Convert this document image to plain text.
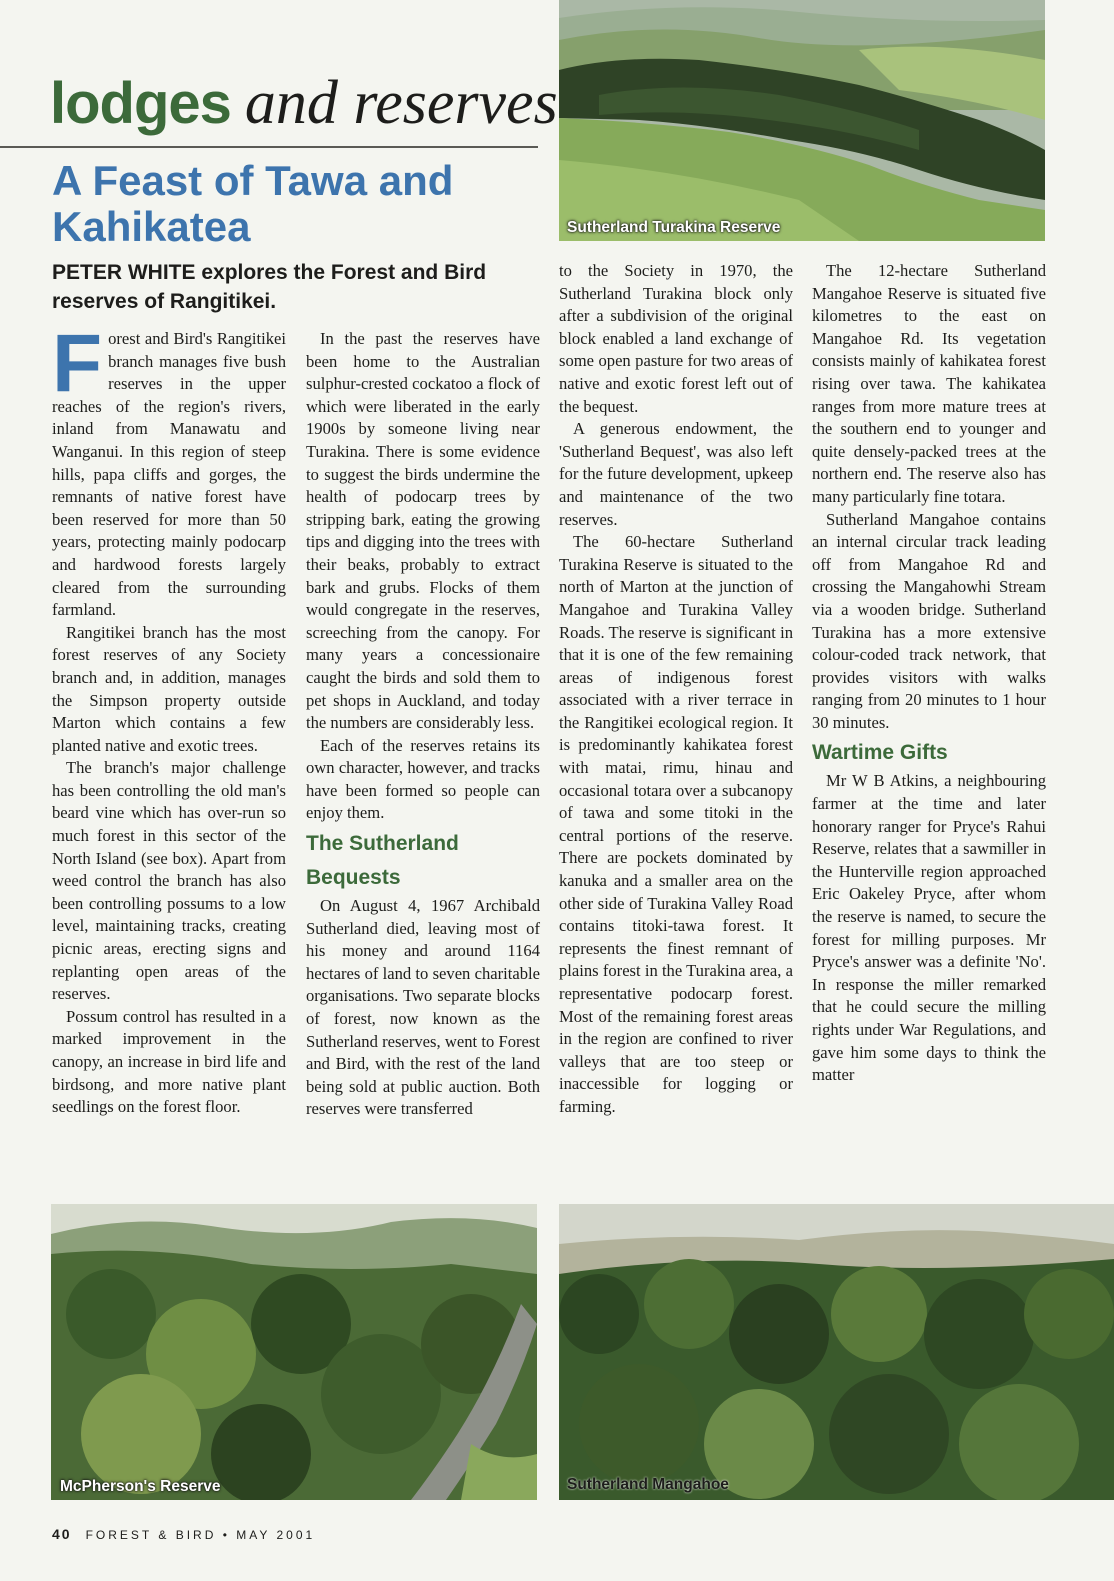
lodges and reserves
A Feast of Tawa and Kahikatea

PETER WHITE explores the Forest and Bird reserves of Rangitikei.

Sutherland Turakina Reserve

Forest and Bird's Rangitikei branch manages five bush reserves in the upper reaches of the region's rivers, inland from Manawatu and Wanganui. In this region of steep hills, papa cliffs and gorges, the remnants of native forest have been reserved for more than 50 years, protecting mainly podocarp and hardwood forests largely cleared from the surrounding farmland.

Rangitikei branch has the most forest reserves of any Society branch and, in addition, manages the Simpson property outside Marton which contains a few planted native and exotic trees.

The branch's major challenge has been controlling the old man's beard vine which has over-run so much forest in this sector of the North Island (see box). Apart from weed control the branch has also been controlling possums to a low level, maintaining tracks, creating picnic areas, erecting signs and replanting open areas of the reserves.

Possum control has resulted in a marked improvement in the canopy, an increase in bird life and birdsong, and more native plant seedlings on the forest floor.

In the past the reserves have been home to the Australian sulphur-crested cockatoo a flock of which were liberated in the early 1900s by someone living near Turakina. There is some evidence to suggest the birds undermine the health of podocarp trees by stripping bark, eating the growing tips and digging into the trees with their beaks, probably to extract bark and grubs. Flocks of them would congregate in the reserves, screeching from the canopy. For many years a concessionaire caught the birds and sold them to pet shops in Auckland, and today the numbers are considerably less.

Each of the reserves retains its own character, however, and tracks have been formed so people can enjoy them.

The Sutherland Bequests

On August 4, 1967 Archibald Sutherland died, leaving most of his money and around 1164 hectares of land to seven charitable organisations. Two separate blocks of forest, now known as the Sutherland reserves, went to Forest and Bird, with the rest of the land being sold at public auction. Both reserves were transferred

to the Society in 1970, the Sutherland Turakina block only after a subdivision of the original block enabled a land exchange of some open pasture for two areas of native and exotic forest left out of the bequest.

A generous endowment, the 'Sutherland Bequest', was also left for the future development, upkeep and maintenance of the two reserves.

The 60-hectare Sutherland Turakina Reserve is situated to the north of Marton at the junction of Mangahoe and Turakina Valley Roads. The reserve is significant in that it is one of the few remaining areas of indigenous forest associated with a river terrace in the Rangitikei ecological region. It is predominantly kahikatea forest with matai, rimu, hinau and occasional totara over a subcanopy of tawa and some titoki in the central portions of the reserve. There are pockets dominated by kanuka and a smaller area on the other side of Turakina Valley Road contains titoki-tawa forest. It represents the finest remnant of plains forest in the Turakina area, a representative podocarp forest. Most of the remaining forest areas in the region are confined to river valleys that are too steep or inaccessible for logging or farming.

The 12-hectare Sutherland Mangahoe Reserve is situated five kilometres to the east on Mangahoe Rd. Its vegetation consists mainly of kahikatea forest rising over tawa. The kahikatea ranges from more mature trees at the southern end to younger and quite densely-packed trees at the northern end. The reserve also has many particularly fine totara.

Sutherland Mangahoe contains an internal circular track leading off from Mangahoe Rd and crossing the Mangahowhi Stream via a wooden bridge. Sutherland Turakina has a more extensive colour-coded track network, that provides visitors with walks ranging from 20 minutes to 1 hour 30 minutes.

Wartime Gifts

Mr W B Atkins, a neighbouring farmer at the time and later honorary ranger for Pryce's Rahui Reserve, relates that a sawmiller in the Hunterville region approached Eric Oakeley Pryce, after whom the reserve is named, to secure the forest for milling purposes. Mr Pryce's answer was a definite 'No'. In response the miller remarked that he could secure the milling rights under War Regulations, and gave him some days to think the matter

McPherson's Reserve	Sutherland Mangahoe
40 FOREST & BIRD • MAY 2001
